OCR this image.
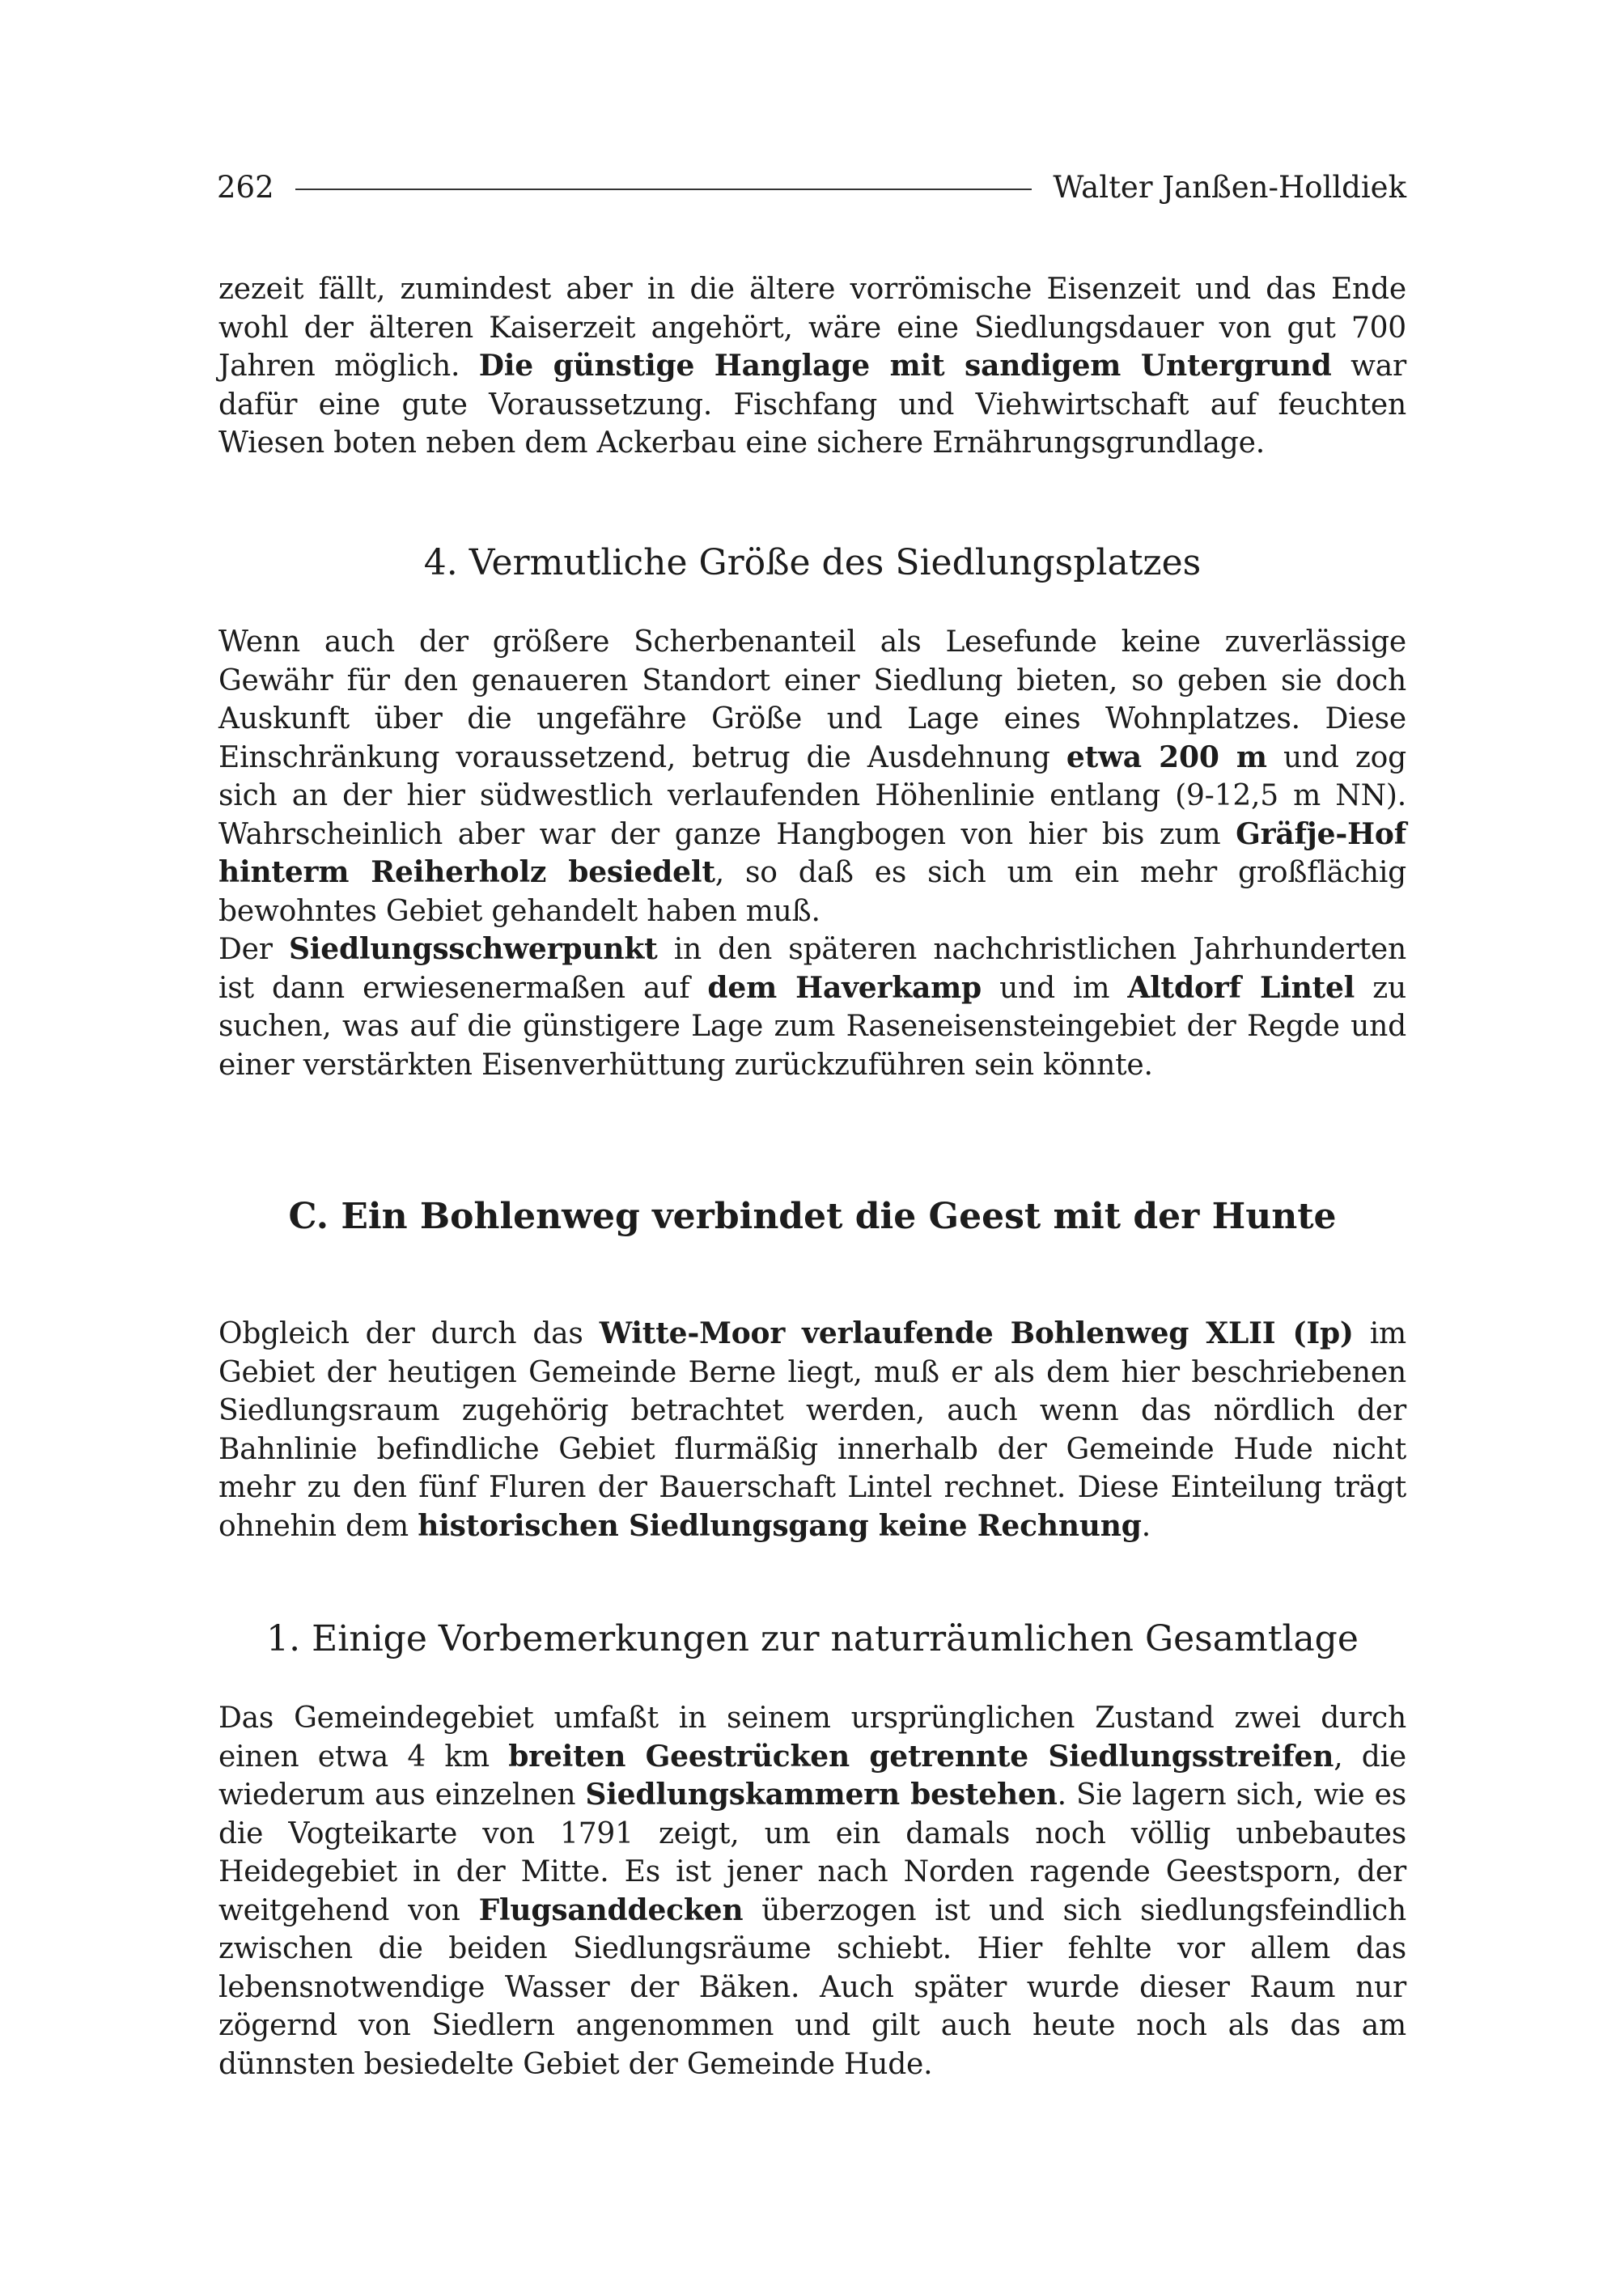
262	Walter Janßen-Holldiek
zezeit fällt, zumindest aber in die ältere vorrömische Eisenzeit und das Ende wohl der älteren Kaiserzeit angehört, wäre eine Siedlungsdauer von gut 700 Jahren möglich. Die günstige Hanglage mit sandigem Untergrund war dafür eine gute Voraussetzung. Fischfang und Viehwirtschaft auf feuchten Wiesen boten neben dem Ackerbau eine sichere Ernährungsgrundlage.
4. Vermutliche Größe des Siedlungsplatzes
Wenn auch der größere Scherbenanteil als Lesefunde keine zuverlässige Gewähr für den genaueren Standort einer Siedlung bieten, so geben sie doch Auskunft über die ungefähre Größe und Lage eines Wohnplatzes. Diese Einschränkung voraussetzend, betrug die Ausdehnung etwa 200 m und zog sich an der hier südwestlich verlaufenden Höhenlinie entlang (9-12,5 m NN). Wahrscheinlich aber war der ganze Hangbogen von hier bis zum Gräfje-Hof hinterm Reiherholz besiedelt, so daß es sich um ein mehr großflächig bewohntes Gebiet gehandelt haben muß.
Der Siedlungsschwerpunkt in den späteren nachchristlichen Jahrhunderten ist dann erwiesenermaßen auf dem Haverkamp und im Altdorf Lintel zu suchen, was auf die günstigere Lage zum Raseneisensteingebiet der Regde und einer verstärkten Eisenverhüttung zurückzuführen sein könnte.
C. Ein Bohlenweg verbindet die Geest mit der Hunte
Obgleich der durch das Witte-Moor verlaufende Bohlenweg XLII (Ip) im Gebiet der heutigen Gemeinde Berne liegt, muß er als dem hier beschriebenen Siedlungsraum zugehörig betrachtet werden, auch wenn das nördlich der Bahnlinie befindliche Gebiet flurmäßig innerhalb der Gemeinde Hude nicht mehr zu den fünf Fluren der Bauerschaft Lintel rechnet. Diese Einteilung trägt ohnehin dem historischen Siedlungsgang keine Rechnung.
1. Einige Vorbemerkungen zur naturräumlichen Gesamtlage
Das Gemeindegebiet umfaßt in seinem ursprünglichen Zustand zwei durch einen etwa 4 km breiten Geestrücken getrennte Siedlungsstreifen, die wiederum aus einzelnen Siedlungskammern bestehen. Sie lagern sich, wie es die Vogteikarte von 1791 zeigt, um ein damals noch völlig unbebautes Heidegebiet in der Mitte. Es ist jener nach Norden ragende Geestsporn, der weitgehend von Flugsanddecken überzogen ist und sich siedlungsfeindlich zwischen die beiden Siedlungsräume schiebt. Hier fehlte vor allem das lebensnotwendige Wasser der Bäken. Auch später wurde dieser Raum nur zögernd von Siedlern angenommen und gilt auch heute noch als das am dünnsten besiedelte Gebiet der Gemeinde Hude.
